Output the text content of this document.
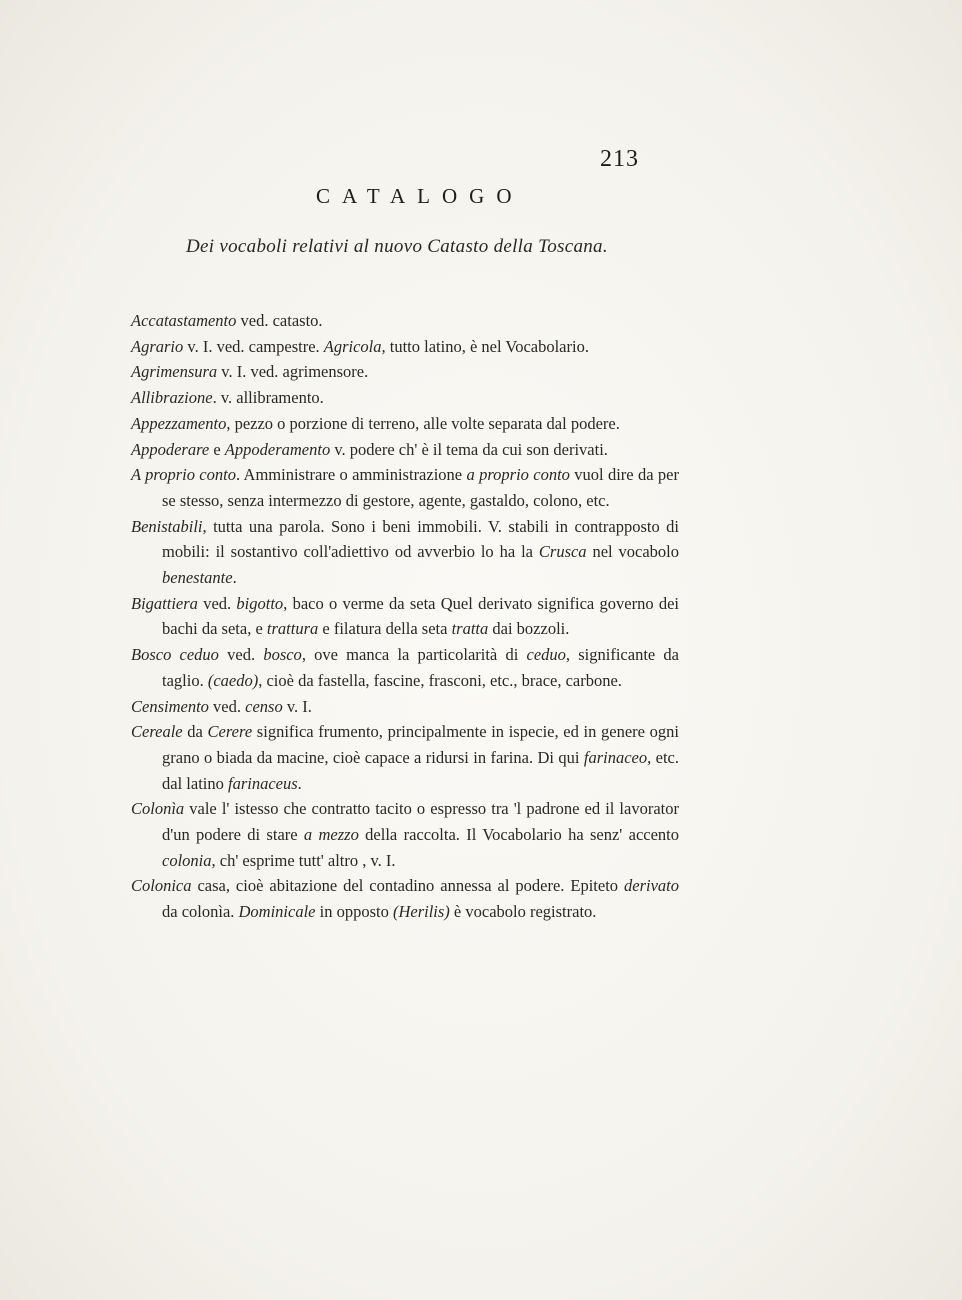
213
CATALOGO
Dei vocaboli relativi al nuovo Catasto della Toscana.
Accatastamento ved. catasto.
Agrario v. I. ved. campestre. Agricola, tutto latino, è nel Vocabolario.
Agrimensura v. I. ved. agrimensore.
Allibrazione. v. allibramento.
Appezzamento, pezzo o porzione di terreno, alle volte separata dal podere.
Appoderare e Appoderamento v. podere ch' è il tema da cui son derivati.
A proprio conto. Amministrare o amministrazione a proprio conto vuol dire da per se stesso, senza intermezzo di gestore, agente, gastaldo, colono, etc.
Benistabili, tutta una parola. Sono i beni immobili. V. stabili in contrapposto di mobili: il sostantivo coll'adiettivo od avverbio lo ha la Crusca nel vocabolo benestante.
Bigattiera ved. bigotto, baco o verme da seta Quel derivato significa governo dei bachi da seta, e trattura e filatura della seta tratta dai bozzoli.
Bosco ceduo ved. bosco, ove manca la particolarità di ceduo, significante da taglio. (caedo), cioè da fastella, fascine, frasconi, etc., brace, carbone.
Censimento ved. censo v. I.
Cereale da Cerere significa frumento, principalmente in ispecie, ed in genere ogni grano o biada da macine, cioè capace a ridursi in farina. Di qui farinaceo, etc. dal latino farinaceus.
Colonìa vale l' istesso che contratto tacito o espresso tra 'l padrone ed il lavorator d'un podere di stare a mezzo della raccolta. Il Vocabolario ha senz' accento colonia, ch' esprime tutt' altro , v. I.
Colonica casa, cioè abitazione del contadino annessa al podere. Epiteto derivato da colonìa. Dominicale in opposto (Herilis) è vocabolo registrato.
